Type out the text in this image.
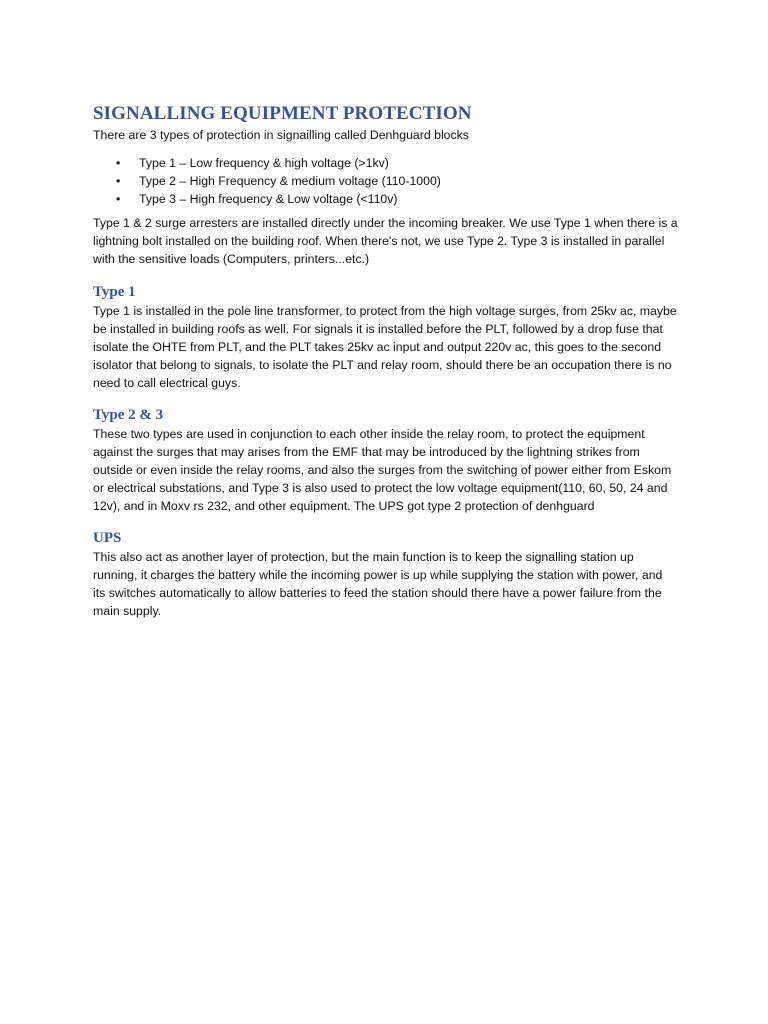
SIGNALLING EQUIPMENT PROTECTION

There are 3 types of protection in signailling called Denhguard blocks

• Type 1 – Low frequency & high voltage (>1kv)
• Type 2 – High Frequency & medium voltage (110-1000)
• Type 3 – High frequency & Low voltage (<110v)

Type 1 & 2 surge arresters are installed directly under the incoming breaker. We use Type 1 when there is a lightning bolt installed on the building roof. When there's not, we use Type 2. Type 3 is installed in parallel with the sensitive loads (Computers, printers...etc.)

Type 1

Type 1 is installed in the pole line transformer, to protect from the high voltage surges, from 25kv ac, maybe be installed in building roofs as well. For signals it is installed before the PLT, followed by a drop fuse that isolate the OHTE from PLT, and the PLT takes 25kv ac input and output 220v ac, this goes to the second isolator that belong to signals, to isolate the PLT and relay room, should there be an occupation there is no need to call electrical guys.

Type 2 & 3

These two types are used in conjunction to each other inside the relay room, to protect the equipment against the surges that may arises from the EMF that may be introduced by the lightning strikes from outside or even inside the relay rooms, and also the surges from the switching of power either from Eskom or electrical substations, and Type 3 is also used to protect the low voltage equipment(110, 60, 50, 24 and 12v), and in Moxv rs 232, and other equipment. The UPS got type 2 protection of denhguard

UPS

This also act as another layer of protection, but the main function is to keep the signalling station up running, it charges the battery while the incoming power is up while supplying the station with power, and its switches automatically to allow batteries to feed the station should there have a power failure from the main supply.
